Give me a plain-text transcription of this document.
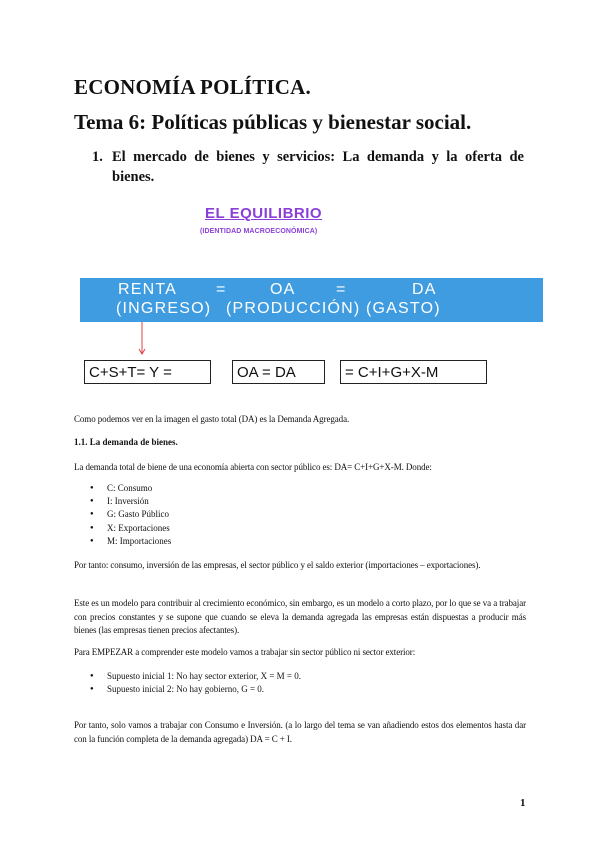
ECONOMÍA POLÍTICA.
Tema 6: Políticas públicas y bienestar social.
1. El mercado de bienes y servicios: La demanda y la oferta de bienes.
EL EQUILIBRIO
(IDENTIDAD MACROECONÓMICA)
RENTA
(INGRESO)
=	OA
(PRODUCCIÓN)
=	DA
(GASTO)
C+S+T= Y =	OA = DA	= C+I+G+X-M
Como podemos ver en la imagen el gasto total (DA) es la Demanda Agregada.
1.1. La demanda de bienes.
La demanda total de biene de una economía abierta con sector público es: DA= C+I+G+X-M. Donde:
● C: Consumo
● I: Inversión
● G: Gasto Público
● X: Exportaciones
● M: Importaciones
Por tanto: consumo, inversión de las empresas, el sector público y el saldo exterior (importaciones – exportaciones).
Este es un modelo para contribuir al crecimiento económico, sin embargo, es un modelo a corto plazo, por lo que se va a trabajar con precios constantes y se supone que cuando se eleva la demanda agregada las empresas están dispuestas a producir más bienes (las empresas tienen precios afectantes).
Para EMPEZAR a comprender este modelo vamos a trabajar sin sector público ni sector exterior:
● Supuesto inicial 1: No hay sector exterior, X = M = 0.
● Supuesto inicial 2: No hay gobierno, G = 0.
Por tanto, solo vamos a trabajar con Consumo e Inversión. (a lo largo del tema se van añadiendo estos dos elementos hasta dar con la función completa de la demanda agregada) DA = C + I.
1
